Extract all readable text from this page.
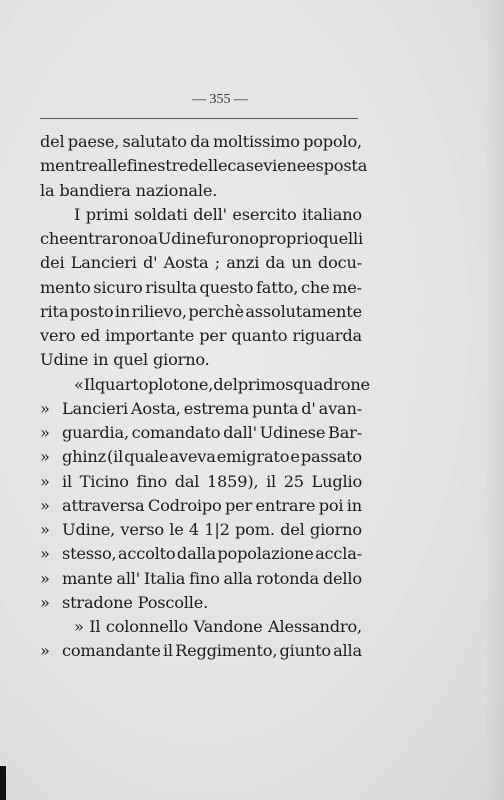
— 355 —
del paese, salutato da moltissimo popolo,
mentre alle finestre delle case viene esposta
la bandiera nazionale.
I primi soldati dell' esercito italiano
che entrarono a Udine furono proprio quelli
dei Lancieri d' Aosta ; anzi da un docu-
mento sicuro risulta questo fatto, che me-
rita posto in rilievo, perchè assolutamente
vero ed importante per quanto riguarda
Udine in quel giorno.
« Il quarto plotone, del primo squadrone
» Lancieri Aosta, estrema punta d' avan-
» guardia, comandato dall' Udinese Bar-
» ghinz (il quale aveva emigrato e passato
» il Ticino fino dal 1859), il 25 Luglio
» attraversa Codroipo per entrare poi in
» Udine, verso le 4 1|2 pom. del giorno
» stesso, accolto dalla popolazione accla-
» mante all' Italia fino alla rotonda dello
» stradone Poscolle.
» Il colonnello Vandone Alessandro,
» comandante il Reggimento, giunto alla
